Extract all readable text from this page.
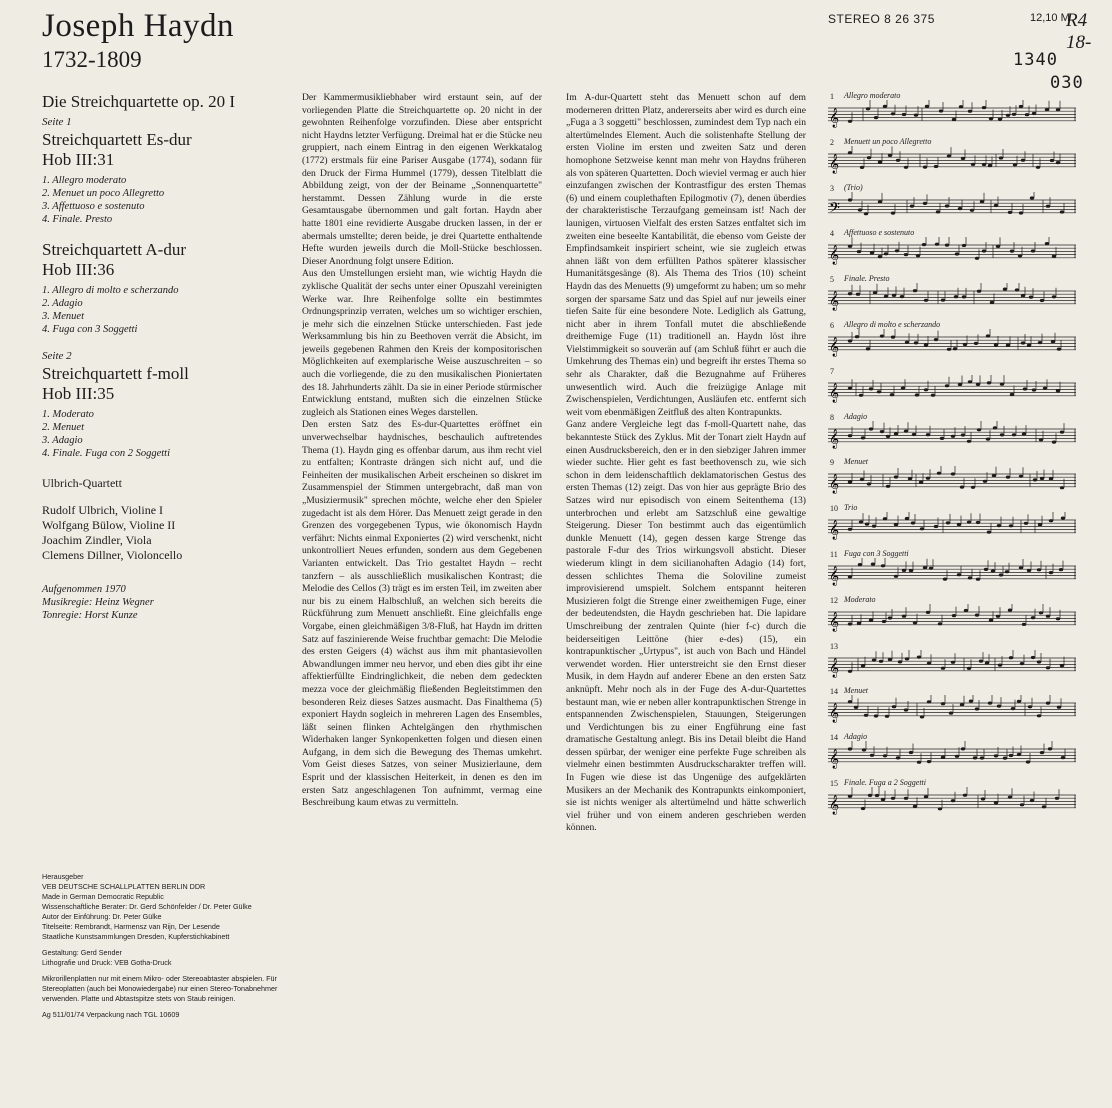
Joseph Haydn
1732-1809
STEREO 8 26 375	12,10 M
R4 18-
1340
030
Die Streichquartette op. 20 I
Seite 1
Streichquartett Es-dur
Hob III:31
1. Allegro moderato
2. Menuet un poco Allegretto
3. Affettuoso e sostenuto
4. Finale. Presto
Streichquartett A-dur
Hob III:36
1. Allegro di molto e scherzando
2. Adagio
3. Menuet
4. Fuga con 3 Soggetti
Seite 2
Streichquartett f-moll
Hob III:35
1. Moderato
2. Menuet
3. Adagio
4. Finale. Fuga con 2 Soggetti
Ulbrich-Quartett
Rudolf Ulbrich, Violine I
Wolfgang Bülow, Violine II
Joachim Zindler, Viola
Clemens Dillner, Violoncello
Aufgenommen 1970
Musikregie: Heinz Wegner
Tonregie: Horst Kunze
Herausgeber
VEB DEUTSCHE SCHALLPLATTEN BERLIN DDR
Made in German Democratic Republic
Wissenschaftliche Berater: Dr. Gerd Schönfelder / Dr. Peter Gülke
Autor der Einführung: Dr. Peter Gülke
Titelseite: Rembrandt, Harmensz van Rijn, Der Lesende
Staatliche Kunstsammlungen Dresden, Kupferstichkabinett
Gestaltung: Gerd Sender
Lithografie und Druck: VEB Gotha-Druck
Mikrorillenplatten nur mit einem Mikro- oder Stereoabtaster abspielen. Für Stereoplatten (auch bei Monowiedergabe) nur einen Stereo-Tonabnehmer verwenden. Platte und Abtastspitze stets von Staub reinigen.
Ag 511/01/74 Verpackung nach TGL 10609

Der Kammermusikliebhaber wird erstaunt sein, auf der vorliegenden Platte die Streichquartette op. 20 nicht in der gewohnten Reihenfolge vorzufinden. Diese aber entspricht nicht Haydns letzter Verfügung. Dreimal hat er die Stücke neu gruppiert, nach einem Eintrag in den eigenen Werkkatalog (1772) erstmals für eine Pariser Ausgabe (1774), sodann für den Druck der Firma Hummel (1779), dessen Titelblatt die Abbildung zeigt, von der der Beiname „Sonnenquartette" herstammt. Dessen Zählung wurde in die erste Gesamtausgabe übernommen und galt fortan. Haydn aber hatte 1801 eine revidierte Ausgabe drucken lassen, in der er abermals umstellte; deren beide, je drei Quartette enthaltende Hefte wurden jeweils durch die Moll-Stücke beschlossen. Dieser Anordnung folgt unsere Edition.

Aus den Umstellungen ersieht man, wie wichtig Haydn die zyklische Qualität der sechs unter einer Opuszahl vereinigten Werke war. Ihre Reihenfolge sollte ein bestimmtes Ordnungsprinzip verraten, welches um so wichtiger erschien, je mehr sich die einzelnen Stücke unterschieden. Fast jede Werksammlung bis hin zu Beethoven verrät die Absicht, im jeweils gegebenen Rahmen den Kreis der kompositorischen Möglichkeiten auf exemplarische Weise auszuschreiten – so auch die vorliegende, die zu den musikalischen Pioniertaten des 18. Jahrhunderts zählt. Da sie in einer Periode stürmischer Entwicklung entstand, mußten sich die einzelnen Stücke zugleich als Stationen eines Weges darstellen.

Den ersten Satz des Es-dur-Quartettes eröffnet ein unverwechselbar haydnisches, beschaulich auftretendes Thema (1). Haydn ging es offenbar darum, aus ihm recht viel zu entfalten; Kontraste drängen sich nicht auf, und die Feinheiten der musikalischen Arbeit erscheinen so diskret im Zusammenspiel der Stimmen untergebracht, daß man von „Musiziermusik" sprechen möchte, welche eher den Spieler zugedacht ist als dem Hörer. Das Menuett zeigt gerade in den Grenzen des vorgegebenen Typus, wie ökonomisch Haydn verfährt: Nichts einmal Exponiertes (2) wird verschenkt, nicht unkontrolliert Neues erfunden, sondern aus dem Gegebenen Varianten entwickelt. Das Trio gestaltet Haydn – recht tanzfern – als ausschließlich musikalischen Kontrast; die Melodie des Cellos (3) trägt es im ersten Teil, im zweiten aber nur bis zu einem Halbschluß, an welchen sich bereits die Rückführung zum Menuett anschließt. Eine gleichfalls enge Vorgabe, einen gleichmäßigen 3/8-Fluß, hat Haydn im dritten Satz auf faszinierende Weise fruchtbar gemacht: Die Melodie des ersten Geigers (4) wächst aus ihm mit phantasievollen Abwandlungen immer neu hervor, und eben dies gibt ihr eine affektierfüllte Eindringlichkeit, die neben dem gedeckten mezza voce der gleichmäßig fließenden Begleitstimmen den besonderen Reiz dieses Satzes ausmacht. Das Finalthema (5) exponiert Haydn sogleich in mehreren Lagen des Ensembles, läßt seinen flinken Achtelgängen den rhythmischen Widerhaken langer Synkopenketten folgen und diesen einen Aufgang, in dem sich die Bewegung des Themas umkehrt. Vom Geist dieses Satzes, von seiner Musizierlaune, dem Esprit und der klassischen Heiterkeit, in denen es den im ersten Satz angeschlagenen Ton aufnimmt, vermag eine Beschreibung kaum etwas zu vermitteln.

Im A-dur-Quartett steht das Menuett schon auf dem moderneren dritten Platz, andererseits aber wird es durch eine „Fuga a 3 soggetti" beschlossen, zumindest dem Typ nach ein altertümelndes Element. Auch die solistenhafte Stellung der ersten Violine im ersten und zweiten Satz und deren homophone Setzweise kennt man mehr von Haydns früheren als von späteren Quartetten. Doch wieviel vermag er auch hier einzufangen zwischen der Kontrastfigur des ersten Themas (6) und einem couplethaften Epilogmotiv (7), denen überdies der charakteristische Terzaufgang gemeinsam ist! Nach der launigen, virtuosen Vielfalt des ersten Satzes entfaltet sich im zweiten eine beseelte Kantabilität, die ebenso vom Geiste der Empfindsamkeit inspiriert scheint, wie sie zugleich etwas ahnen läßt von dem erfüllten Pathos späterer klassischer Humanitätsgesänge (8). Als Thema des Trios (10) scheint Haydn das des Menuetts (9) umgeformt zu haben; um so mehr sorgen der sparsame Satz und das Spiel auf nur jeweils einer tiefen Saite für eine besondere Note. Lediglich als Gattung, nicht aber in ihrem Tonfall mutet die abschließende dreithemige Fuge (11) traditionell an. Haydn löst ihre Vielstimmigkeit so souverän auf (am Schluß führt er auch die Umkehrung des Themas ein) und begreift ihr erstes Thema so sehr als Charakter, daß die Bezugnahme auf Früheres unwesentlich wird. Auch die freizügige Anlage mit Zwischenspielen, Verdichtungen, Ausläufen etc. entfernt sich weit vom ebenmäßigen Zeitfluß des alten Kontrapunkts.

Ganz andere Vergleiche legt das f-moll-Quartett nahe, das bekannteste Stück des Zyklus. Mit der Tonart zielt Haydn auf einen Ausdrucksbereich, den er in den siebziger Jahren immer wieder suchte. Hier geht es fast beethovensch zu, wie sich schon in dem leidenschaftlich deklamatorischen Gestus des ersten Themas (12) zeigt. Das von hier aus geprägte Brio des Satzes wird nur episodisch von einem Seitenthema (13) unterbrochen und erlebt am Satzschluß eine gewaltige Steigerung. Dieser Ton bestimmt auch das eigentümlich dunkle Menuett (14), gegen dessen karge Strenge das pastorale F-dur des Trios wirkungsvoll absticht. Dieser wiederum klingt in dem sicilianohaften Adagio (14) fort, dessen schlichtes Thema die Soloviline zumeist improvisierend umspielt. Solchem entspannt heiteren Musizieren folgt die Strenge einer zweithemigen Fuge, einer der bedeutendsten, die Haydn geschrieben hat. Die lapidare Umschreibung der zentralen Quinte (hier f-c) durch die beiderseitigen Leittöne (hier e-des) (15), ein kontrapunktischer „Urtypus", ist auch von Bach und Händel verwendet worden. Hier unterstreicht sie den Ernst dieser Musik, in dem Haydn auf anderer Ebene an den ersten Satz anknüpft. Mehr noch als in der Fuge des A-dur-Quartettes bestaunt man, wie er neben aller kontrapunktischen Strenge in entspannenden Zwischenspielen, Stauungen, Steigerungen und Verdichtungen bis zu einer Engführung eine fast dramatische Gestaltung anlegt. Bis ins Detail bleibt die Hand dessen spürbar, der weniger eine perfekte Fuge schreiben als vielmehr einen bestimmten Ausdruckscharakter treffen will. In Fugen wie diese ist das Ungenüge des aufgeklärten Musikers an der Mechanik des Kontrapunkts einkomponiert, sie ist nichts weniger als altertümelnd und hätte schwerlich viel früher und von einem anderen geschrieben werden können.

1 Allegro moderato
𝄞
2 Menuett un poco Allegretto
𝄞
3 (Trio)
𝄢
4 Affettuoso e sostenuto
𝄞
5 Finale. Presto
𝄞
6 Allegro di molto e scherzando
𝄞
7
𝄞
8 Adagio
𝄞
9 Menuet
𝄞
10 Trio
𝄞
11 Fuga con 3 Soggetti
𝄞
12 Moderato
𝄞
13
𝄞
14 Menuet
𝄞
14 Adagio
𝄞
15 Finale. Fuga a 2 Soggetti
𝄞
